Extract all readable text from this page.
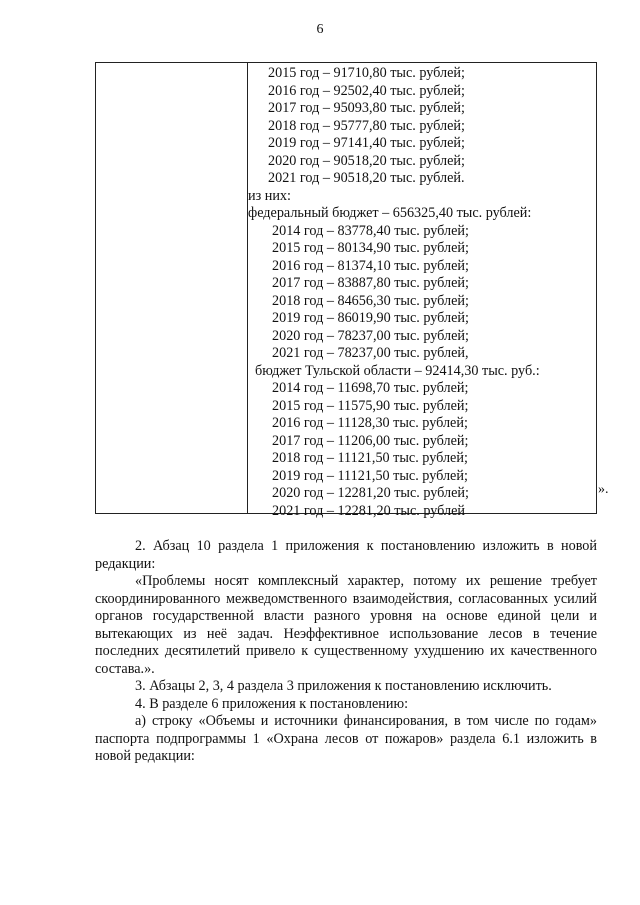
6
2015 год – 91710,80 тыс. рублей;
2016 год – 92502,40 тыс. рублей;
2017 год – 95093,80 тыс. рублей;
2018 год – 95777,80 тыс. рублей;
2019 год – 97141,40 тыс. рублей;
2020 год – 90518,20 тыс. рублей;
2021 год – 90518,20 тыс. рублей.
из них:
федеральный бюджет – 656325,40 тыс. рублей:
2014 год – 83778,40 тыс. рублей;
2015 год – 80134,90 тыс. рублей;
2016 год – 81374,10 тыс. рублей;
2017 год – 83887,80 тыс. рублей;
2018 год – 84656,30 тыс. рублей;
2019 год – 86019,90 тыс. рублей;
2020 год – 78237,00 тыс. рублей;
2021 год – 78237,00 тыс. рублей,
бюджет Тульской области – 92414,30 тыс. руб.:
2014 год – 11698,70 тыс. рублей;
2015 год – 11575,90 тыс. рублей;
2016 год – 11128,30 тыс. рублей;
2017 год – 11206,00 тыс. рублей;
2018 год – 11121,50 тыс. рублей;
2019 год – 11121,50 тыс. рублей;
2020 год – 12281,20 тыс. рублей;
2021 год – 12281,20 тыс. рублей
».
2. Абзац 10 раздела 1 приложения к постановлению изложить в новой редакции:
«Проблемы носят комплексный характер, потому их решение требует скоординированного межведомственного взаимодействия, согласованных усилий органов государственной власти разного уровня на основе единой цели и вытекающих из неё задач. Неэффективное использование лесов в течение последних десятилетий привело к существенному ухудшению их качественного состава.».
3. Абзацы 2, 3, 4 раздела 3 приложения к постановлению исключить.
4. В разделе 6 приложения к постановлению:
а) строку «Объемы и источники финансирования, в том числе по годам» паспорта подпрограммы 1 «Охрана лесов от пожаров» раздела 6.1 изложить в новой редакции:
